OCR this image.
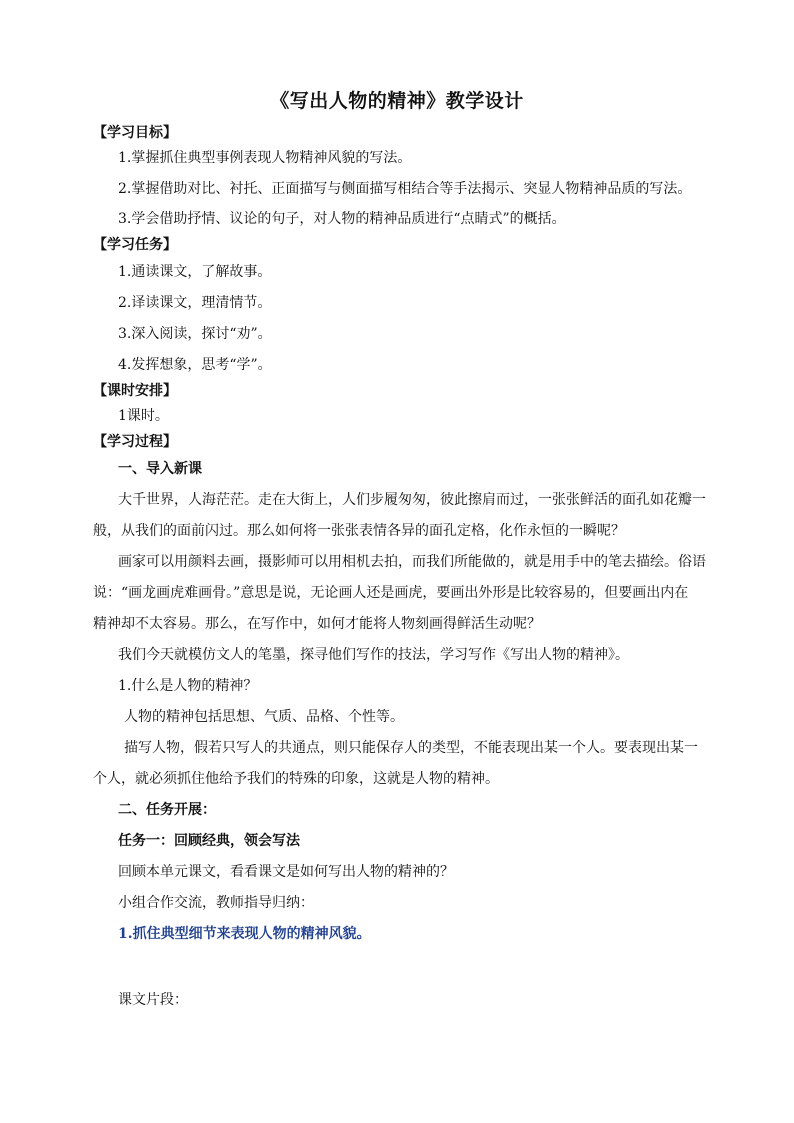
《写出人物的精神》教学设计
【学习目标】
1.掌握抓住典型事例表现人物精神风貌的写法。
2.掌握借助对比、衬托、正面描写与侧面描写相结合等手法揭示、突显人物精神品质的写法。
3.学会借助抒情、议论的句子，对人物的精神品质进行“点睛式”的概括。
【学习任务】
1.通读课文，了解故事。
2.译读课文，理清情节。
3.深入阅读，探讨“劝”。
4.发挥想象，思考“学”。
【课时安排】
1课时。
【学习过程】
一、导入新课
大千世界，人海茫茫。走在大街上，人们步履匆匆，彼此擦肩而过，一张张鲜活的面孔如花瓣一
般，从我们的面前闪过。那么如何将一张张表情各异的面孔定格，化作永恒的一瞬呢？
画家可以用颜料去画，摄影师可以用相机去拍，而我们所能做的，就是用手中的笔去描绘。俗语
说：“画龙画虎难画骨。”意思是说，无论画人还是画虎，要画出外形是比较容易的，但要画出内在
精神却不太容易。那么，在写作中，如何才能将人物刻画得鲜活生动呢？
我们今天就模仿文人的笔墨，探寻他们写作的技法，学习写作《写出人物的精神》。
1.什么是人物的精神？
人物的精神包括思想、气质、品格、个性等。
描写人物，假若只写人的共通点，则只能保存人的类型，不能表现出某一个人。要表现出某一
个人，就必须抓住他给予我们的特殊的印象，这就是人物的精神。
二、任务开展：
任务一：回顾经典，领会写法
回顾本单元课文，看看课文是如何写出人物的精神的？
小组合作交流，教师指导归纳：
1.抓住典型细节来表现人物的精神风貌。
课文片段：
